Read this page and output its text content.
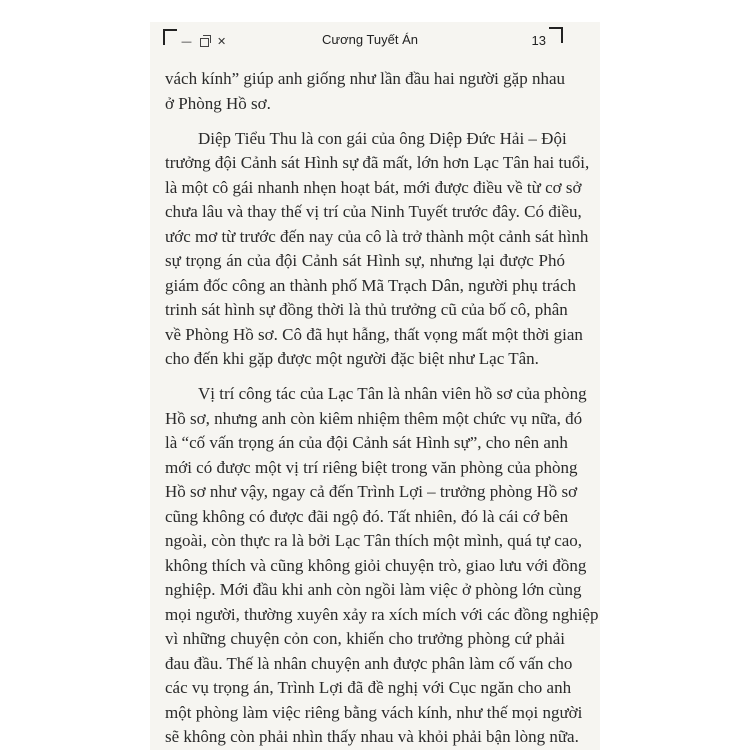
— ✕	Cương Tuyết Án	13
vách kính” giúp anh giống như lần đầu hai người gặp nhau
ở Phòng Hồ sơ.
Diệp Tiểu Thu là con gái của ông Diệp Đức Hải – Đội
trưởng đội Cảnh sát Hình sự đã mất, lớn hơn Lạc Tân hai tuổi,
là một cô gái nhanh nhẹn hoạt bát, mới được điều về từ cơ sở
chưa lâu và thay thế vị trí của Ninh Tuyết trước đây. Có điều,
ước mơ từ trước đến nay của cô là trở thành một cảnh sát hình
sự trọng án của đội Cảnh sát Hình sự, nhưng lại được Phó
giám đốc công an thành phố Mã Trạch Dân, người phụ trách
trinh sát hình sự đồng thời là thủ trưởng cũ của bố cô, phân
về Phòng Hồ sơ. Cô đã hụt hẫng, thất vọng mất một thời gian
cho đến khi gặp được một người đặc biệt như Lạc Tân.
Vị trí công tác của Lạc Tân là nhân viên hồ sơ của phòng
Hồ sơ, nhưng anh còn kiêm nhiệm thêm một chức vụ nữa, đó
là “cố vấn trọng án của đội Cảnh sát Hình sự”, cho nên anh
mới có được một vị trí riêng biệt trong văn phòng của phòng
Hồ sơ như vậy, ngay cả đến Trình Lợi – trưởng phòng Hồ sơ
cũng không có được đãi ngộ đó. Tất nhiên, đó là cái cớ bên
ngoài, còn thực ra là bởi Lạc Tân thích một mình, quá tự cao,
không thích và cũng không giỏi chuyện trò, giao lưu với đồng
nghiệp. Mới đầu khi anh còn ngồi làm việc ở phòng lớn cùng
mọi người, thường xuyên xảy ra xích mích với các đồng nghiệp
vì những chuyện cỏn con, khiến cho trưởng phòng cứ phải
đau đầu. Thế là nhân chuyện anh được phân làm cố vấn cho
các vụ trọng án, Trình Lợi đã đề nghị với Cục ngăn cho anh
một phòng làm việc riêng bằng vách kính, như thế mọi người
sẽ không còn phải nhìn thấy nhau và khỏi phải bận lòng nữa.
